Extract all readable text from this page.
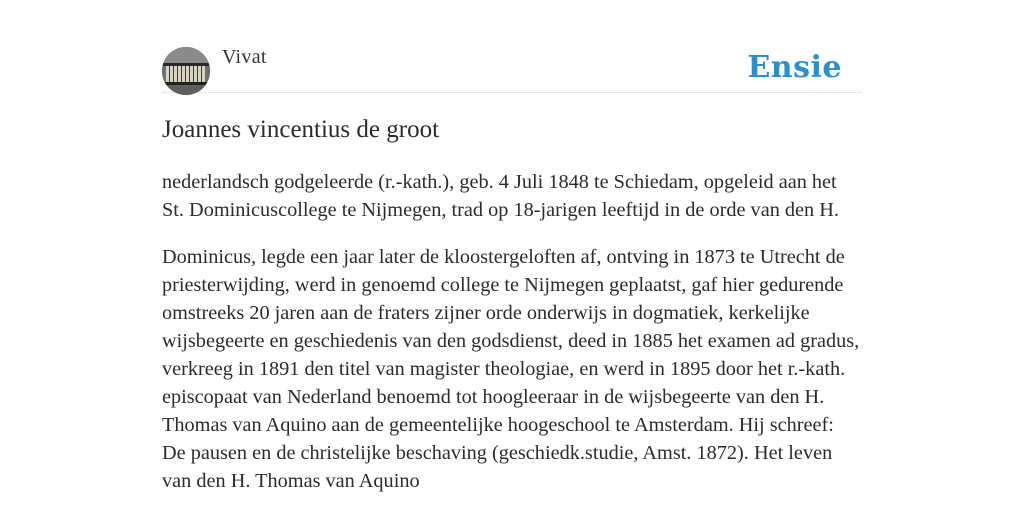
Vivat	Ensie
Joannes vincentius de groot

nederlandsch godgeleerde (r.-kath.), geb. 4 Juli 1848 te Schiedam, opgeleid aan het St. Dominicuscollege te Nijmegen, trad op 18-jarigen leeftijd in de orde van den H.

Dominicus, legde een jaar later de kloostergeloften af, ontving in 1873 te Utrecht de priesterwijding, werd in genoemd college te Nijmegen geplaatst, gaf hier gedurende omstreeks 20 jaren aan de fraters zijner orde onderwijs in dogmatiek, kerkelijke wijsbegeerte en geschiedenis van den godsdienst, deed in 1885 het examen ad gradus, verkreeg in 1891 den titel van magister theologiae, en werd in 1895 door het r.-kath. episcopaat van Nederland benoemd tot hoogleeraar in de wijsbegeerte van den H. Thomas van Aquino aan de gemeentelijke hoogeschool te Amsterdam. Hij schreef: De pausen en de christelijke beschaving (geschiedk.studie, Amst. 1872). Het leven van den H. Thomas van Aquino
